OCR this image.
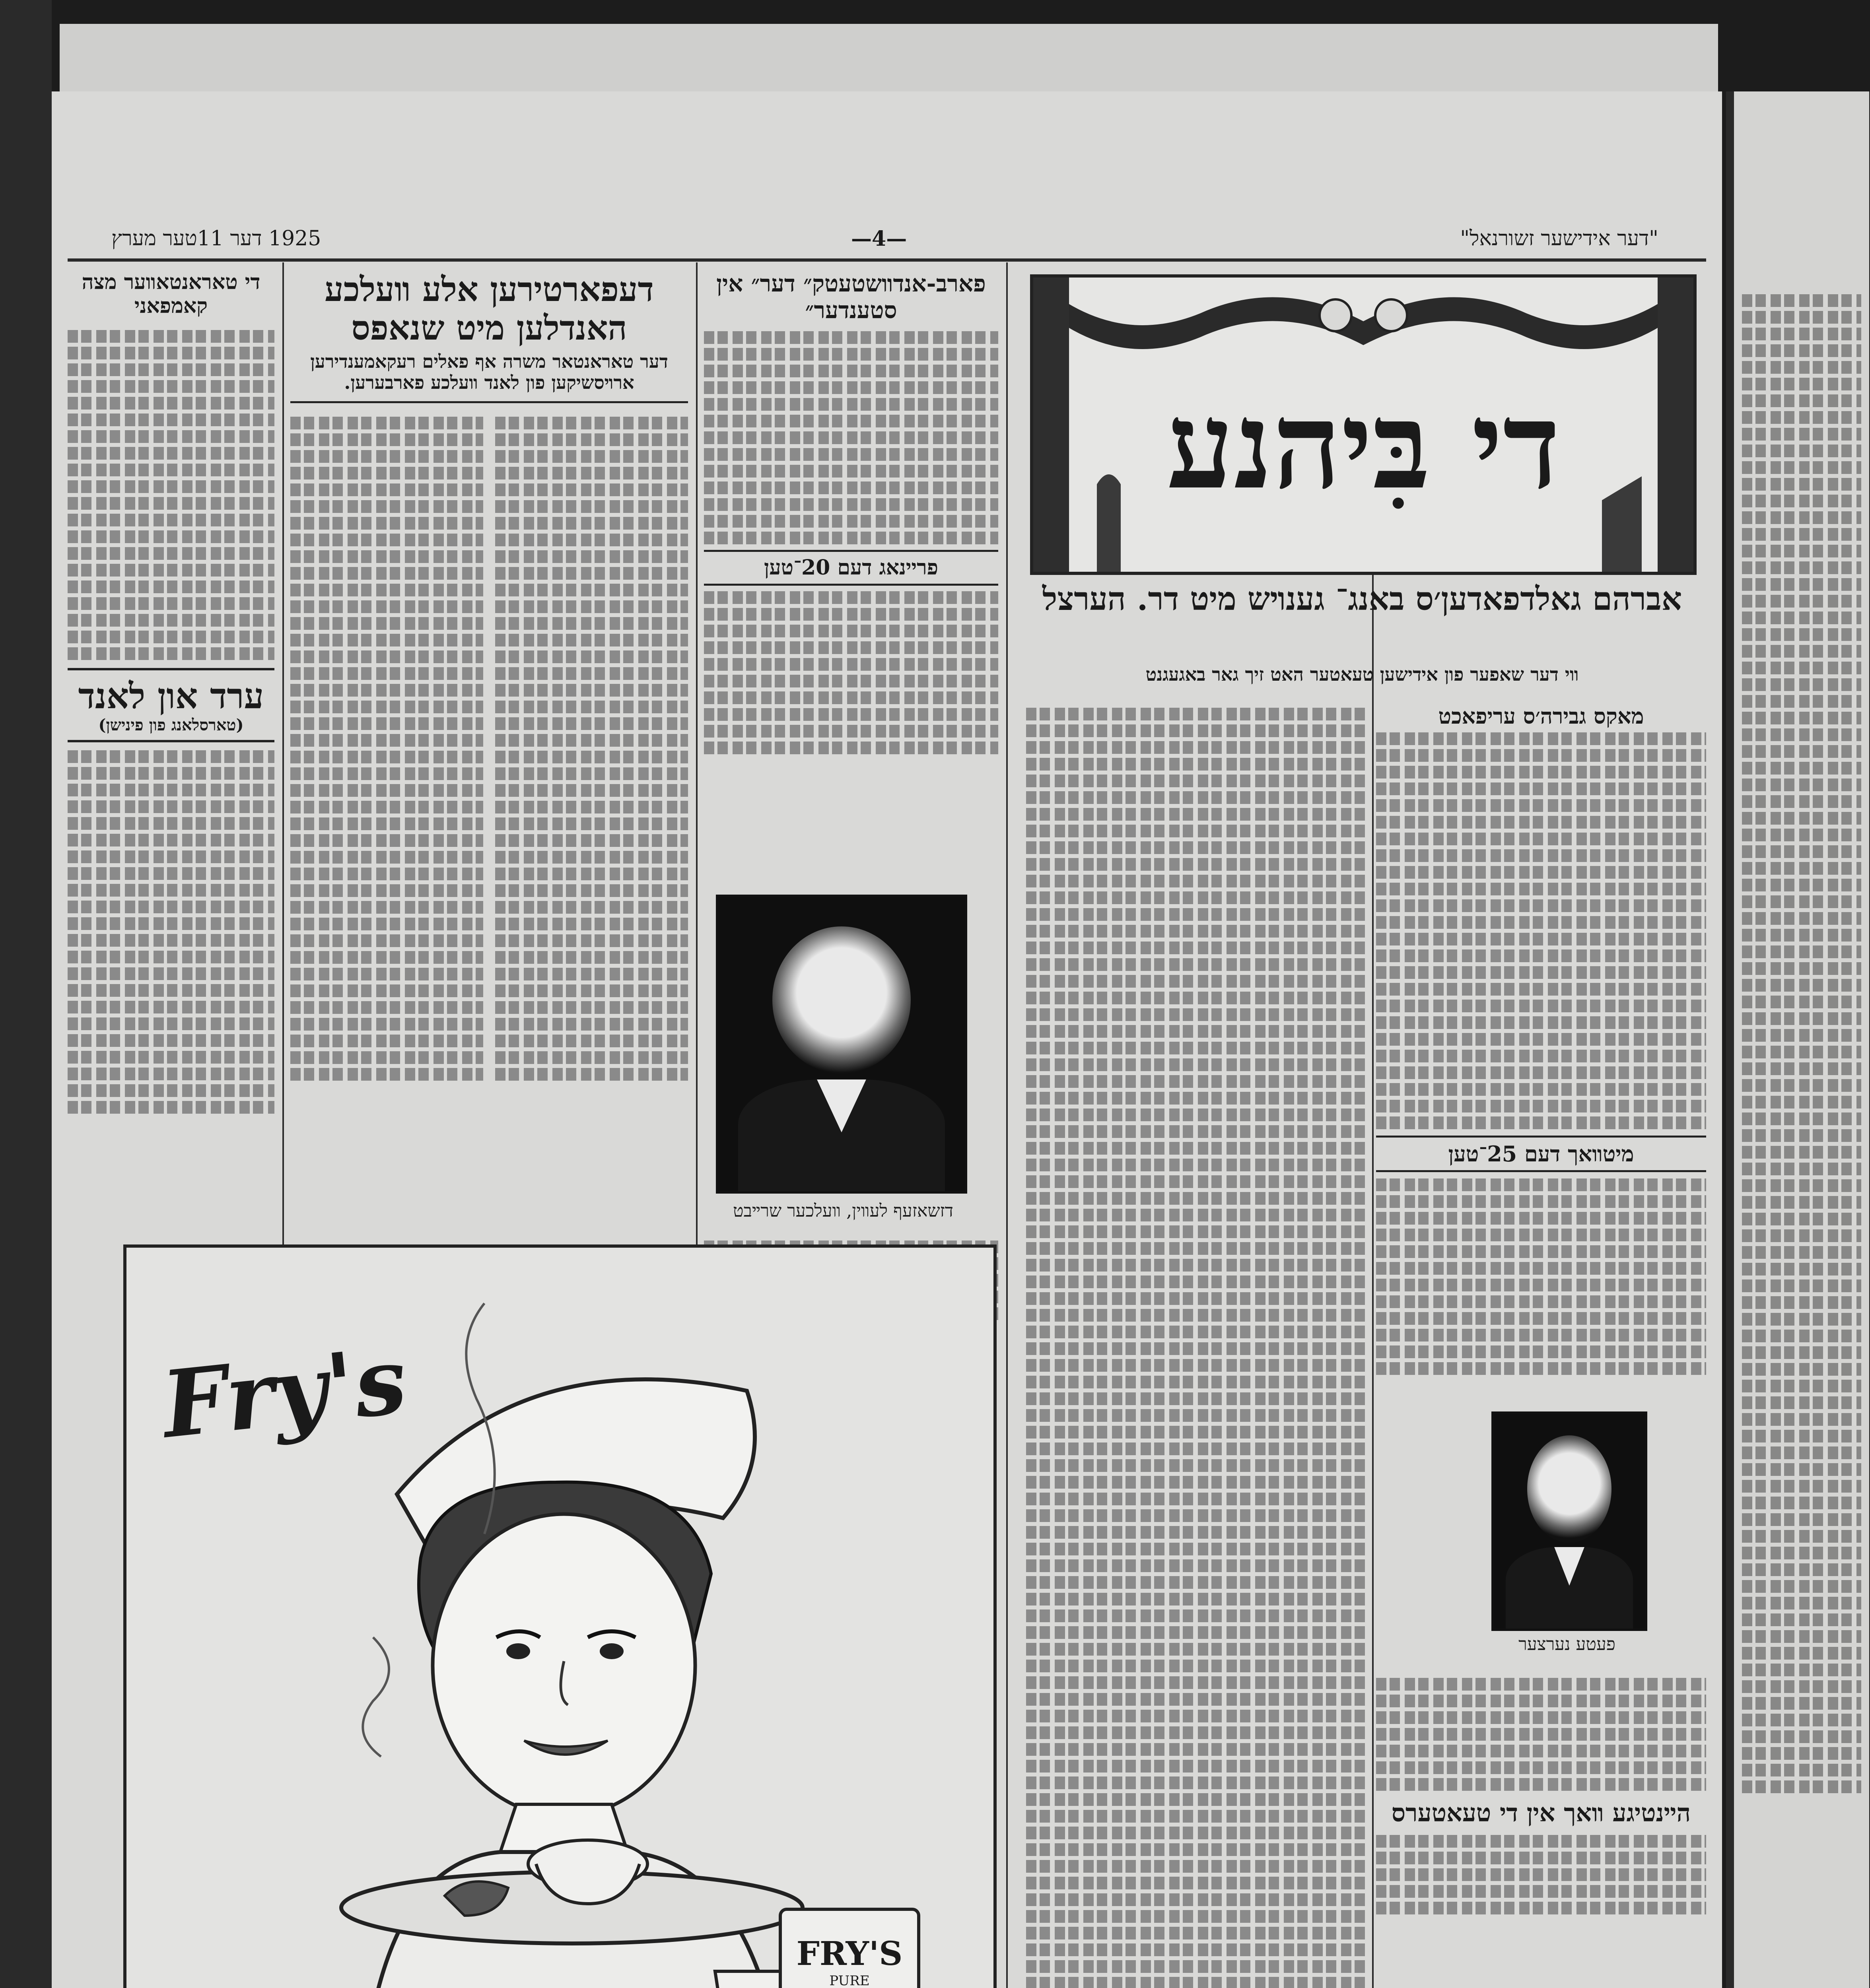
1925 דער 11טער מערץ	—4—	"דער אידישער זשורנאל"
די טאראנטאװער מצה קאמפאני
ערד און לאנד
(טארסלאנג פון פינישן)
דעפארטירען אלע װעלכע האנדלען מיט שנאפס
דער טאראנטאר משרה אף פאלים רעקאמענדירען ארױסשיקען פון לאנד װעלכע פארבערען.
פארב-אנדװשטעטק״ דער״ אין סטענדער״
פריינאג דעם 20־טען
דזשאזעף לעװין, װעלכער שרײבט
די בִּיהנע
אברהם גאלדפאדען׳ס באנג־ גענױש מיט דר. הערצל
װי דער שאפער פון אידישען טעאטער האט זיך גאר באגעגנט
מאקס גבירה׳ס עריפאכט
מיטװאך דעם 25־טען
פעטע נערצער
הײנטיגע װאך אין די טעאטערס
Fry's
FRY'S
PURE
